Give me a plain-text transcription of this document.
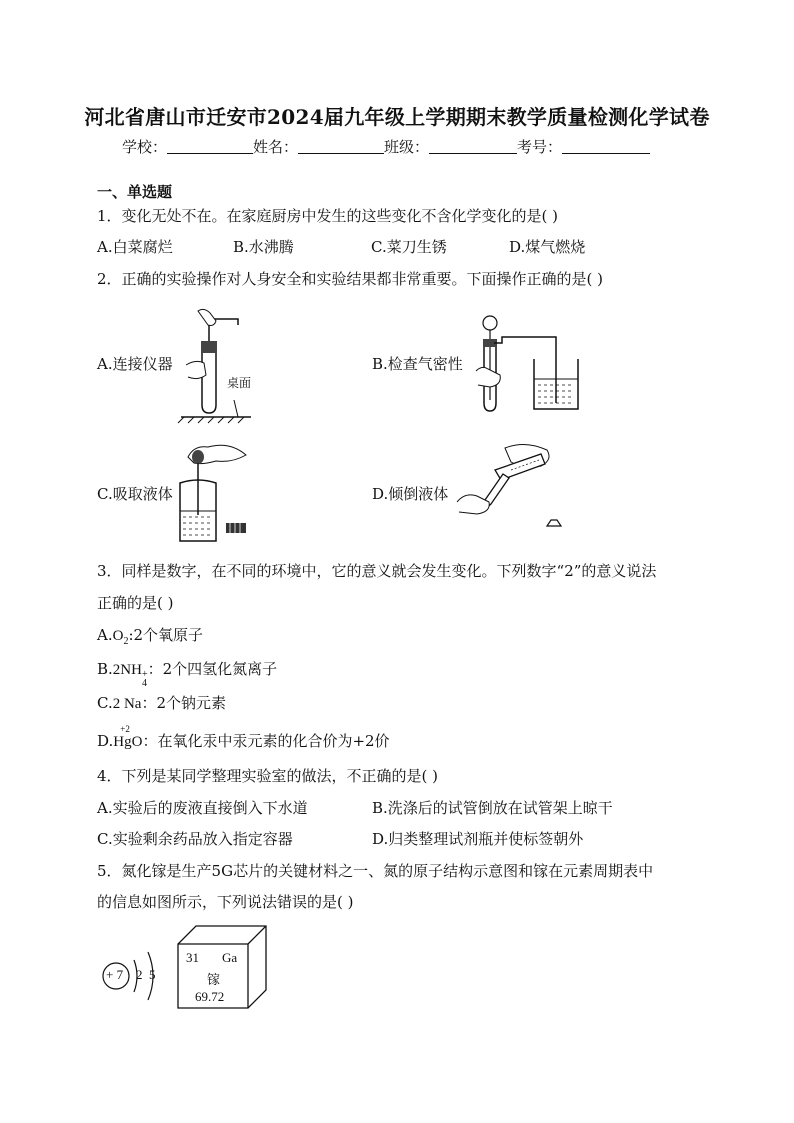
河北省唐山市迁安市2024届九年级上学期期末教学质量检测化学试卷
学校：	姓名：	班级：	考号：
一、单选题
1．变化无处不在。在家庭厨房中发生的这些变化不含化学变化的是( )
A.白菜腐烂	B.水沸腾	C.菜刀生锈	D.煤气燃烧
2．正确的实验操作对人身安全和实验结果都非常重要。下面操作正确的是( )
A.连接仪器
桌面
B.检查气密性
C.吸取液体	D.倾倒液体
3．同样是数字，在不同的环境中，它的意义就会发生变化。下列数字“2”的意义说法
正确的是( )
$A.O_2:2$个氧原子
B.2NH +
4
：2个四氢化氮离子
C.2 Na：2个钠元素
D.
+2
HgO：在氧化汞中汞元素的化合价为+2价
4．下列是某同学整理实验室的做法，不正确的是( )
A.实验后的废液直接倒入下水道	B.洗涤后的试管倒放在试管架上晾干
C.实验剩余药品放入指定容器	D.归类整理试剂瓶并使标签朝外
5．氮化镓是生产5G芯片的关键材料之一、氮的原子结构示意图和镓在元素周期表中
的信息如图所示，下列说法错误的是( )
+ 7 2 5
31 Ga
镓
69.72
